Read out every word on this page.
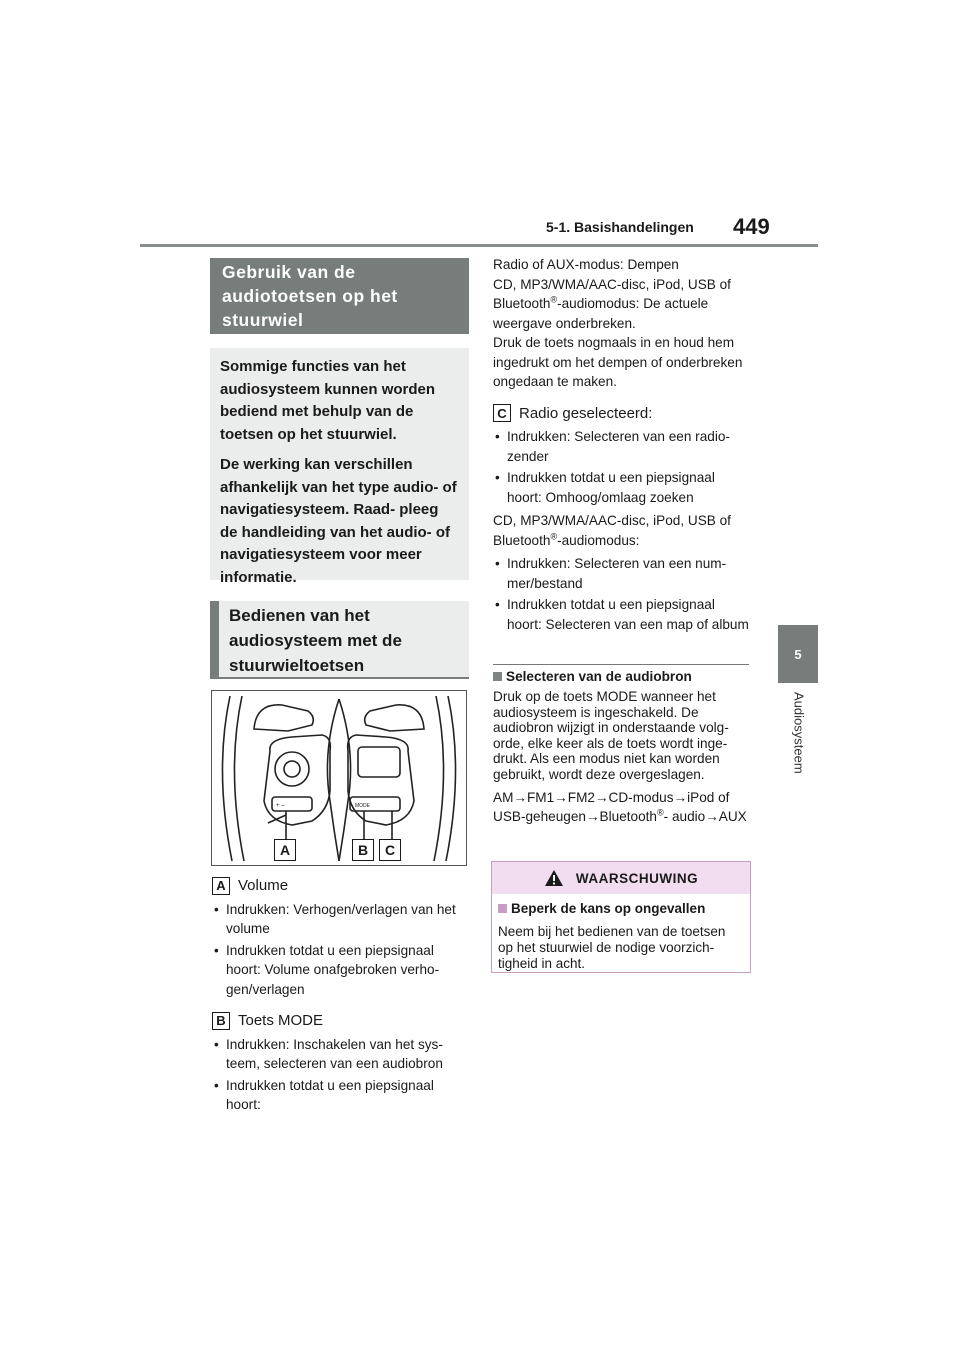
5-1. Basishandelingen 449
5
Audiosysteem
Gebruik van de audiotoetsen op het stuurwiel

Sommige functies van het audiosysteem kunnen worden bediend met behulp van de toetsen op het stuurwiel.

De werking kan verschillen afhankelijk van het type audio- of navigatiesysteem. Raad- pleeg de handleiding van het audio- of navigatiesysteem voor meer informatie.

Bedienen van het audiosysteem met de stuurwieltoetsen
MODE
+ –
A	B	C
A Volume
• Indrukken: Verhogen/verlagen van het volume
• Indrukken totdat u een piepsignaal hoort: Volume onafgebroken verho- gen/verlagen
B Toets MODE
• Indrukken: Inschakelen van het sys- teem, selecteren van een audiobron
• Indrukken totdat u een piepsignaal hoort:

Radio of AUX-modus: Dempen

CD, MP3/WMA/AAC-disc, iPod, USB of Bluetooth®-audiomodus: De actuele weergave onderbreken.

Druk de toets nogmaals in en houd hem ingedrukt om het dempen of onderbreken ongedaan te maken.

C Radio geselecteerd:
• Indrukken: Selecteren van een radio- zender
• Indrukken totdat u een piepsignaal hoort: Omhoog/omlaag zoeken

CD, MP3/WMA/AAC-disc, iPod, USB of Bluetooth®-audiomodus:

• Indrukken: Selecteren van een num- mer/bestand
• Indrukken totdat u een piepsignaal hoort: Selecteren van een map of album
Selecteren van de audiobron

Druk op de toets MODE wanneer het audiosysteem is ingeschakeld. De audiobron wijzigt in onderstaande volg- orde, elke keer als de toets wordt inge- drukt. Als een modus niet kan worden gebruikt, wordt deze overgeslagen.

AM→FM1→FM2→CD-modus→iPod of USB-geheugen→Bluetooth®- audio→AUX

WAARSCHUWING
Beperk de kans op ongevallen
Neem bij het bedienen van de toetsen op het stuurwiel de nodige voorzich- tigheid in acht.
